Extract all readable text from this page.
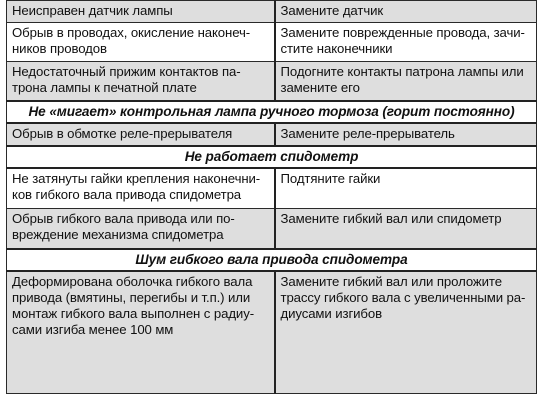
Неисправен датчик лампы	Замените датчик
Обрыв в проводах, окисление наконеч-
ников проводов	Замените поврежденные провода, зачи-
стите наконечники
Недостаточный прижим контактов па-
трона лампы к печатной плате	Подогните контакты патрона лампы или
замените его
Не «мигает» контрольная лампа ручного тормоза (горит постоянно)	
Обрыв в обмотке реле-прерывателя	Замените реле-прерыватель
Не работает спидометр	
Не затянуты гайки крепления наконечни-
ков гибкого вала привода спидометра	Подтяните гайки
Обрыв гибкого вала привода или по-
вреждение механизма спидометра	Замените гибкий вал или спидометр
Шум гибкого вала привода спидометра	
Деформирована оболочка гибкого вала
привода (вмятины, перегибы и т.п.) или
монтаж гибкого вала выполнен с радиу-
сами изгиба менее 100 мм	Замените гибкий вал или проложите
трассу гибкого вала с увеличенными ра-
диусами изгибов
